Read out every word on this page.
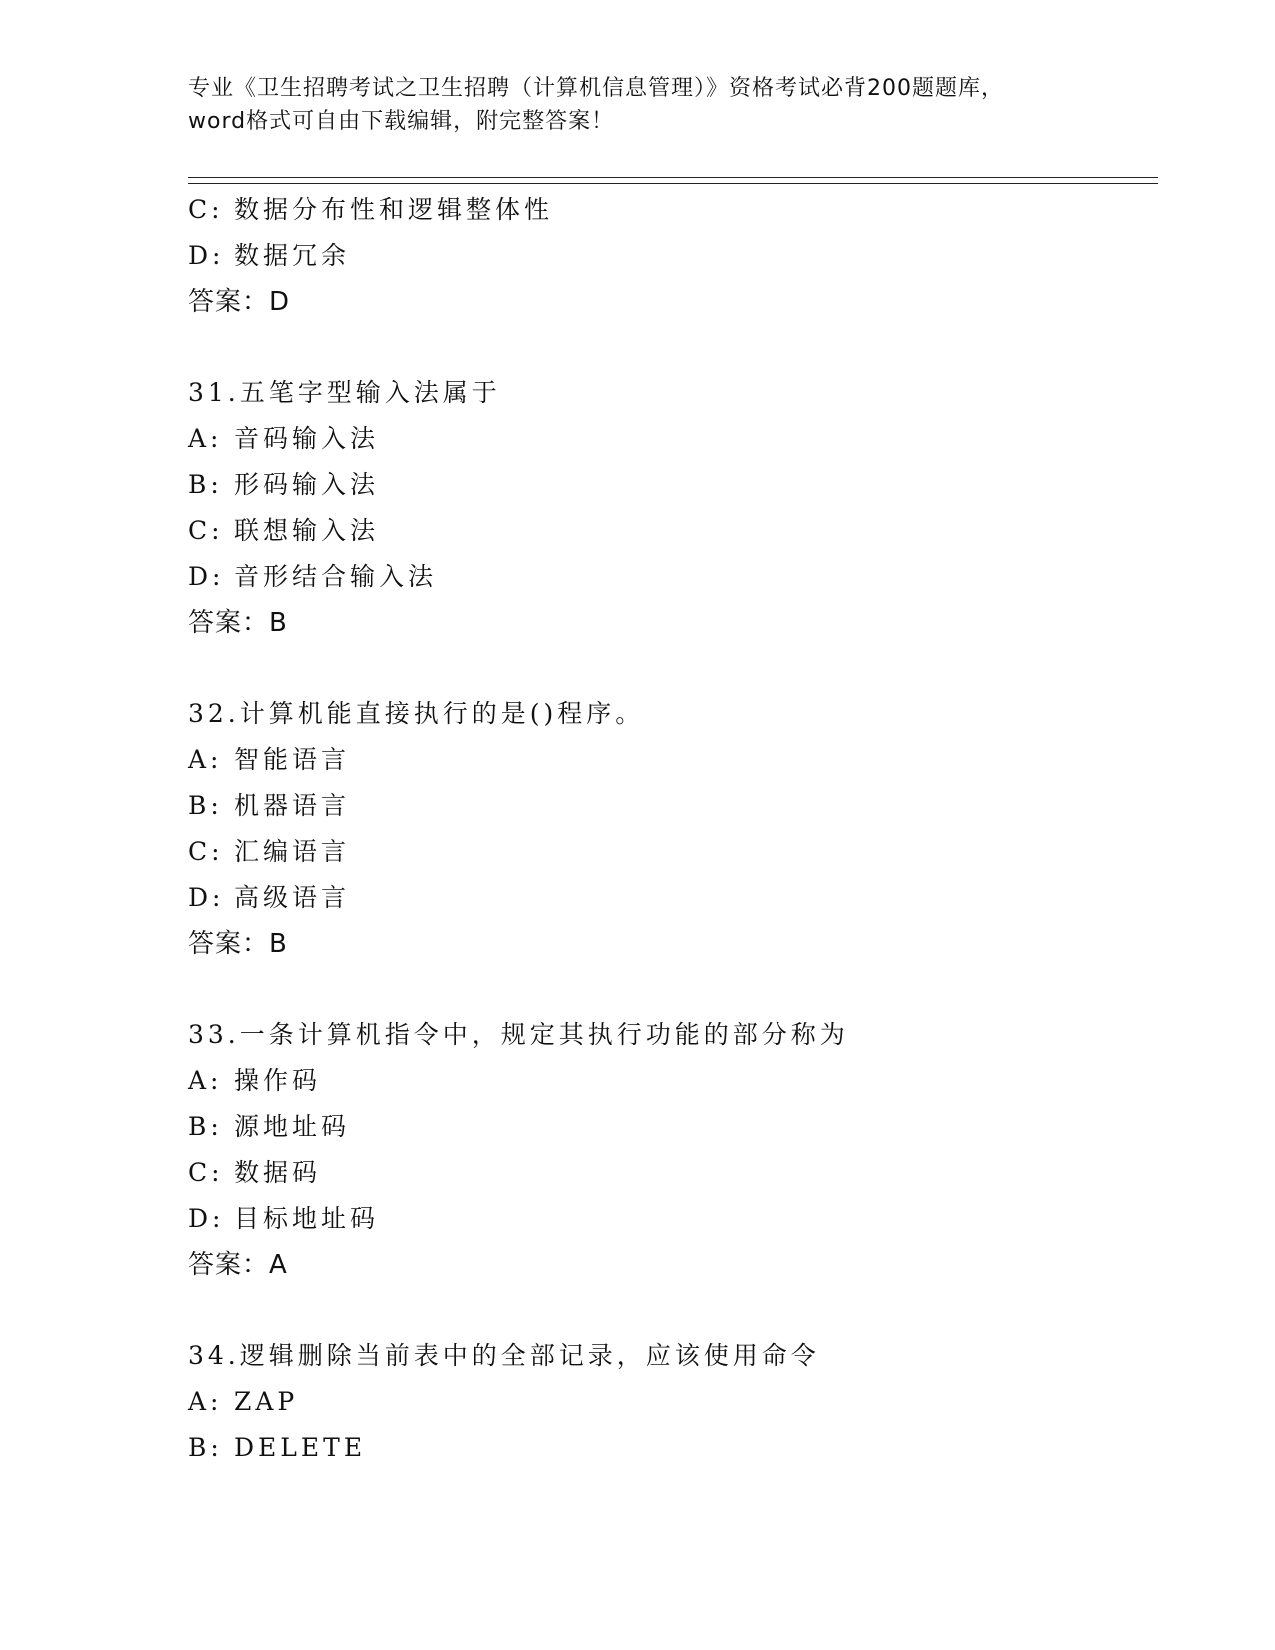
专业《卫生招聘考试之卫生招聘（计算机信息管理）》资格考试必背200题题库，
word格式可自由下载编辑，附完整答案！
C: 数据分布性和逻辑整体性
D: 数据冗余
答案：D
31.五笔字型输入法属于
A: 音码输入法
B: 形码输入法
C: 联想输入法
D: 音形结合输入法
答案：B
32.计算机能直接执行的是()程序。
A: 智能语言
B: 机器语言
C: 汇编语言
D: 高级语言
答案：B
33.一条计算机指令中，规定其执行功能的部分称为
A: 操作码
B: 源地址码
C: 数据码
D: 目标地址码
答案：A
34.逻辑删除当前表中的全部记录，应该使用命令
A: ZAP
B: DELETE
